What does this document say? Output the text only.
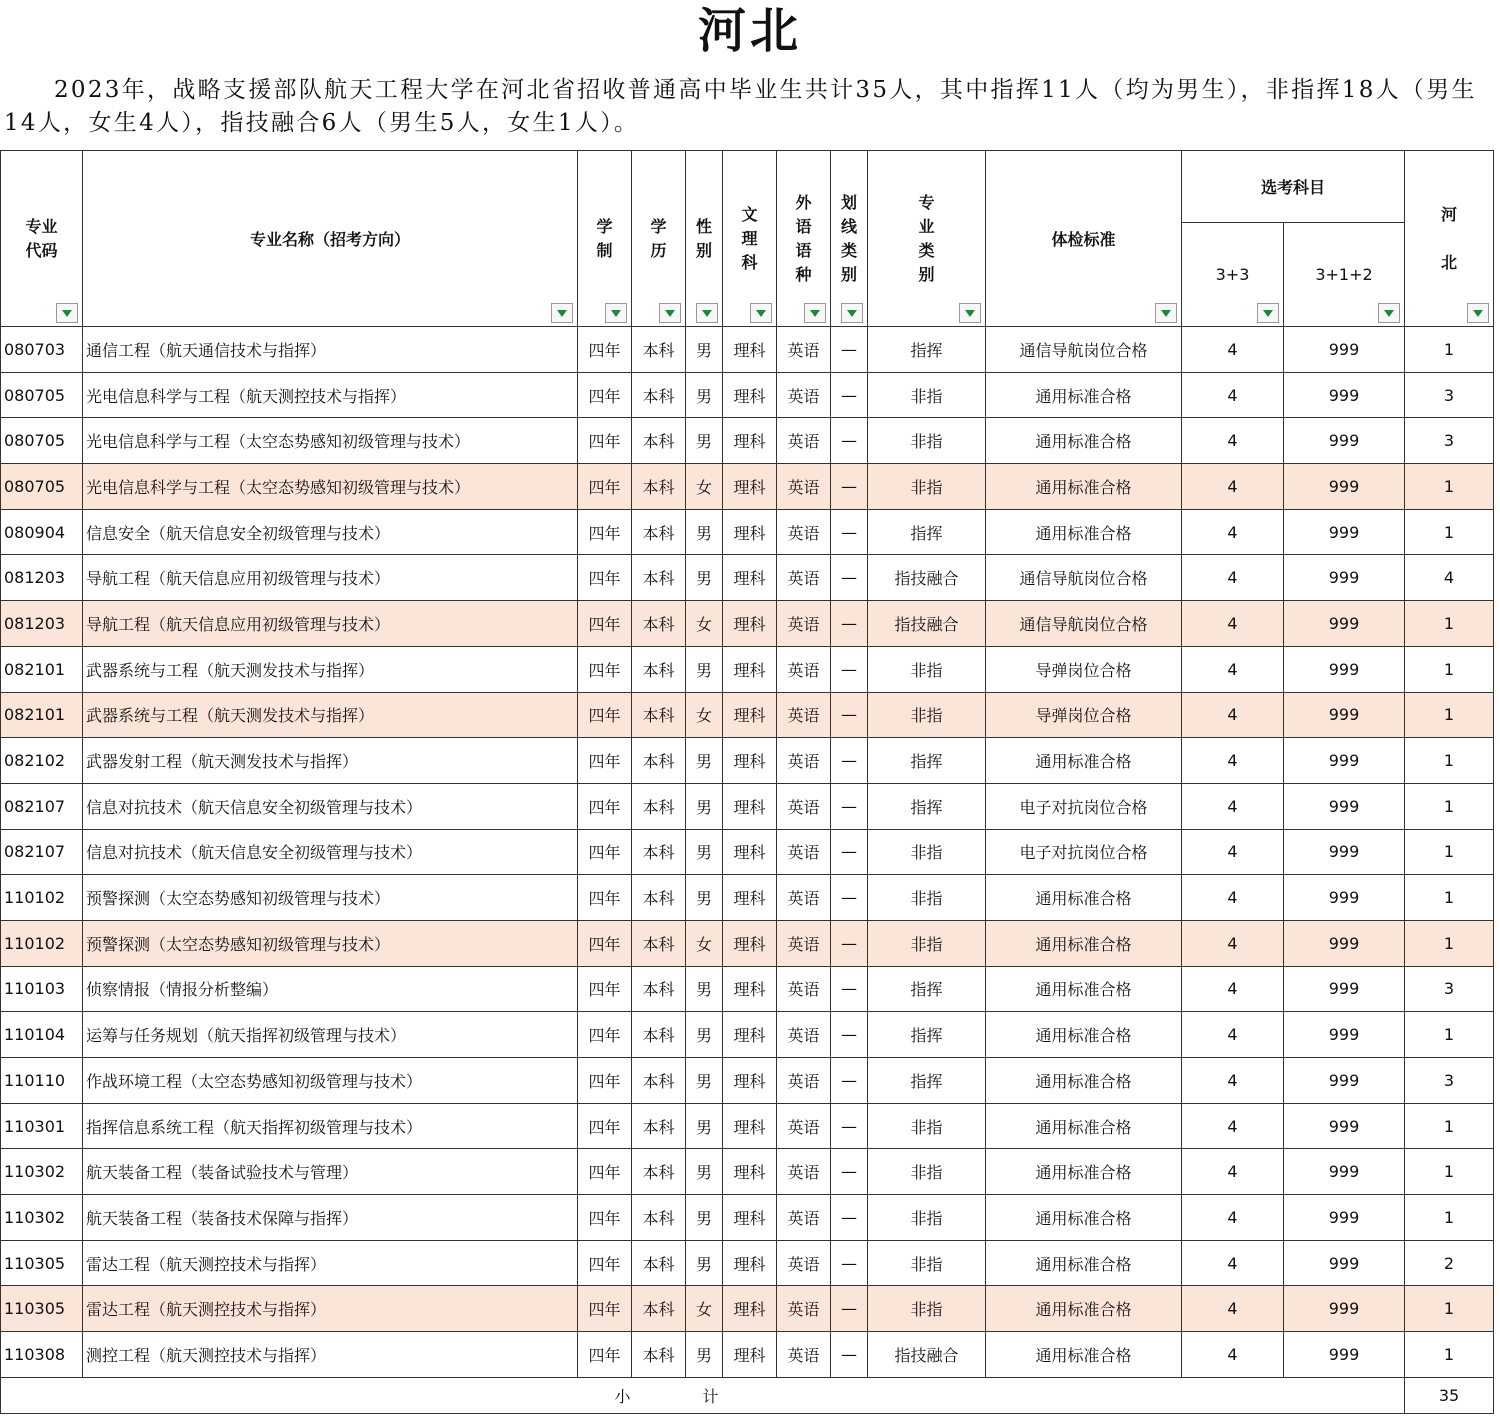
河北
2023年，战略支援部队航天工程大学在河北省招收普通高中毕业生共计35人，其中指挥11人（均为男生），非指挥18人（男生14人，女生4人），指技融合6人（男生5人，女生1人）。
专业代码	专业名称（招考方向）	学制	学历	性别	文理科	外语语种	划线类别	专业类别	体检标准	选考科目		河北

										3+3	3+1+2	

080703	通信工程（航天通信技术与指挥）	四年	本科	男	理科	英语	—	指挥	通信导航岗位合格	4	999	1
080705	光电信息科学与工程（航天测控技术与指挥）	四年	本科	男	理科	英语	—	非指	通用标准合格	4	999	3
080705	光电信息科学与工程（太空态势感知初级管理与技术）	四年	本科	男	理科	英语	—	非指	通用标准合格	4	999	3
080705	光电信息科学与工程（太空态势感知初级管理与技术）	四年	本科	女	理科	英语	—	非指	通用标准合格	4	999	1
080904	信息安全（航天信息安全初级管理与技术）	四年	本科	男	理科	英语	—	指挥	通用标准合格	4	999	1
081203	导航工程（航天信息应用初级管理与技术）	四年	本科	男	理科	英语	—	指技融合	通信导航岗位合格	4	999	4
081203	导航工程（航天信息应用初级管理与技术）	四年	本科	女	理科	英语	—	指技融合	通信导航岗位合格	4	999	1
082101	武器系统与工程（航天测发技术与指挥）	四年	本科	男	理科	英语	—	非指	导弹岗位合格	4	999	1
082101	武器系统与工程（航天测发技术与指挥）	四年	本科	女	理科	英语	—	非指	导弹岗位合格	4	999	1
082102	武器发射工程（航天测发技术与指挥）	四年	本科	男	理科	英语	—	指挥	通用标准合格	4	999	1
082107	信息对抗技术（航天信息安全初级管理与技术）	四年	本科	男	理科	英语	—	指挥	电子对抗岗位合格	4	999	1
082107	信息对抗技术（航天信息安全初级管理与技术）	四年	本科	男	理科	英语	—	非指	电子对抗岗位合格	4	999	1
110102	预警探测（太空态势感知初级管理与技术）	四年	本科	男	理科	英语	—	非指	通用标准合格	4	999	1
110102	预警探测（太空态势感知初级管理与技术）	四年	本科	女	理科	英语	—	非指	通用标准合格	4	999	1
110103	侦察情报（情报分析整编）	四年	本科	男	理科	英语	—	指挥	通用标准合格	4	999	3
110104	运筹与任务规划（航天指挥初级管理与技术）	四年	本科	男	理科	英语	—	指挥	通用标准合格	4	999	1
110110	作战环境工程（太空态势感知初级管理与技术）	四年	本科	男	理科	英语	—	指挥	通用标准合格	4	999	3
110301	指挥信息系统工程（航天指挥初级管理与技术）	四年	本科	男	理科	英语	—	非指	通用标准合格	4	999	1
110302	航天装备工程（装备试验技术与管理）	四年	本科	男	理科	英语	—	非指	通用标准合格	4	999	1
110302	航天装备工程（装备技术保障与指挥）	四年	本科	男	理科	英语	—	非指	通用标准合格	4	999	1
110305	雷达工程（航天测控技术与指挥）	四年	本科	男	理科	英语	—	非指	通用标准合格	4	999	2
110305	雷达工程（航天测控技术与指挥）	四年	本科	女	理科	英语	—	非指	通用标准合格	4	999	1
110308	测控工程（航天测控技术与指挥）	四年	本科	男	理科	英语	—	指技融合	通用标准合格	4	999	1
小计												35
